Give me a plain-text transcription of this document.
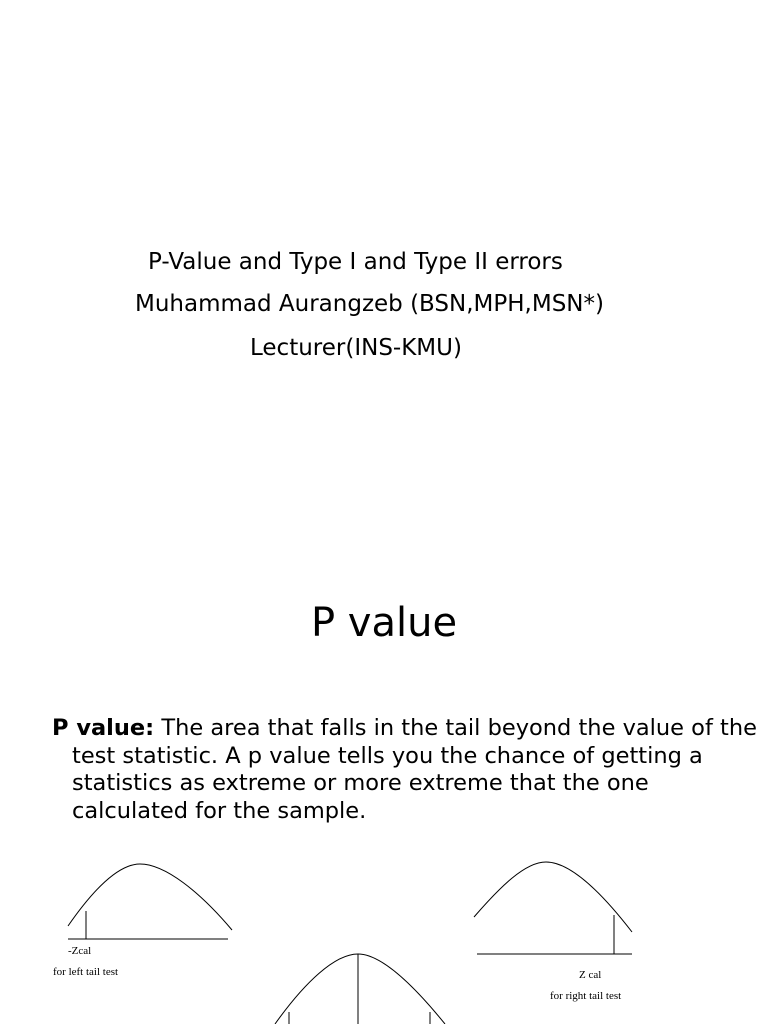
P-Value and Type I and Type II errors
Muhammad Aurangzeb (BSN,MPH,MSN*)
Lecturer(INS-KMU)
P value
P value: The area that falls in the tail beyond the value of the test statistic. A p value tells you the chance of getting a statistics as extreme or more extreme that the one calculated for the sample.
-Zcal
for left tail test	Z cal
for right tail test
